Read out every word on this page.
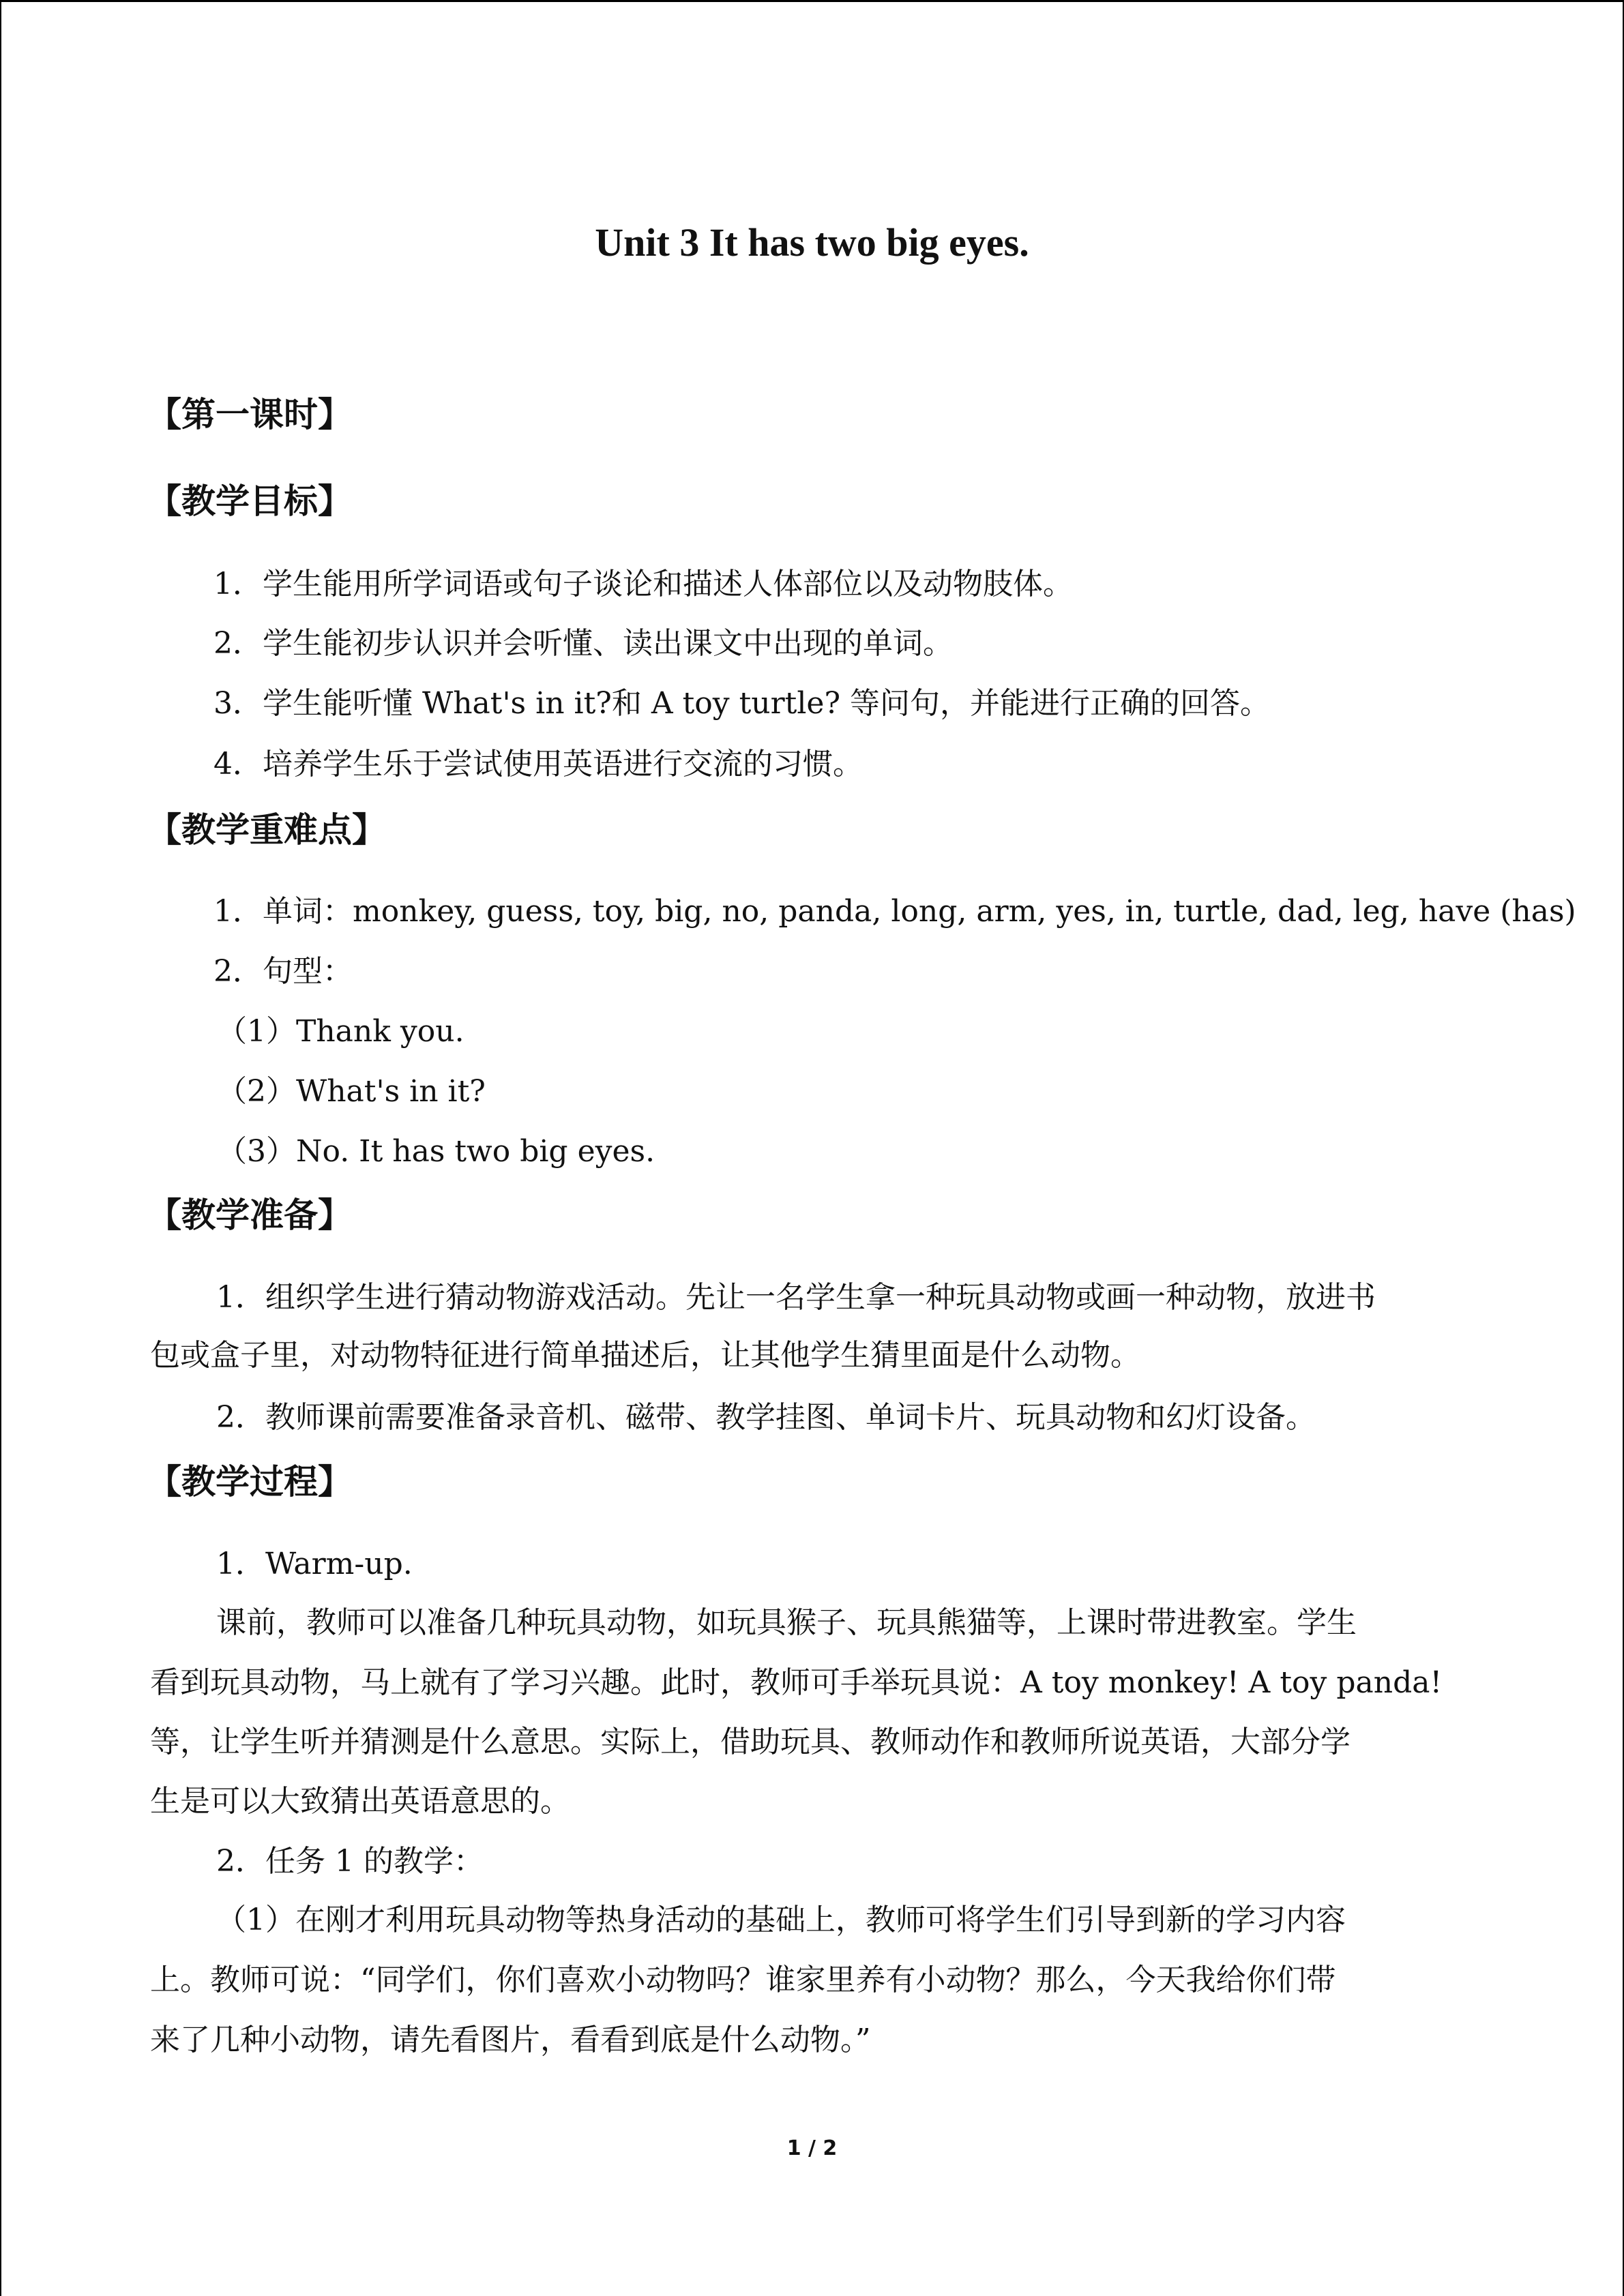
Unit 3 It has two big eyes.
【第一课时】
【教学目标】
1．学生能用所学词语或句子谈论和描述人体部位以及动物肢体。
2．学生能初步认识并会听懂、读出课文中出现的单词。
3．学生能听懂 What's in it?和 A toy turtle? 等问句，并能进行正确的回答。
4．培养学生乐于尝试使用英语进行交流的习惯。
【教学重难点】
1．单词：monkey, guess, toy, big, no, panda, long, arm, yes, in, turtle, dad, leg, have (has)
2．句型：
（1）Thank you.
（2）What's in it?
（3）No. It has two big eyes.
【教学准备】
1．组织学生进行猜动物游戏活动。先让一名学生拿一种玩具动物或画一种动物，放进书
包或盒子里，对动物特征进行简单描述后，让其他学生猜里面是什么动物。
2．教师课前需要准备录音机、磁带、教学挂图、单词卡片、玩具动物和幻灯设备。
【教学过程】
1．Warm-up.
课前，教师可以准备几种玩具动物，如玩具猴子、玩具熊猫等，上课时带进教室。学生
看到玩具动物，马上就有了学习兴趣。此时，教师可手举玩具说：A toy monkey! A toy panda!
等，让学生听并猜测是什么意思。实际上，借助玩具、教师动作和教师所说英语，大部分学
生是可以大致猜出英语意思的。
2．任务 1 的教学：
（1）在刚才利用玩具动物等热身活动的基础上，教师可将学生们引导到新的学习内容
上。教师可说：“同学们，你们喜欢小动物吗？谁家里养有小动物？那么，今天我给你们带
来了几种小动物，请先看图片，看看到底是什么动物。”
1 / 2
